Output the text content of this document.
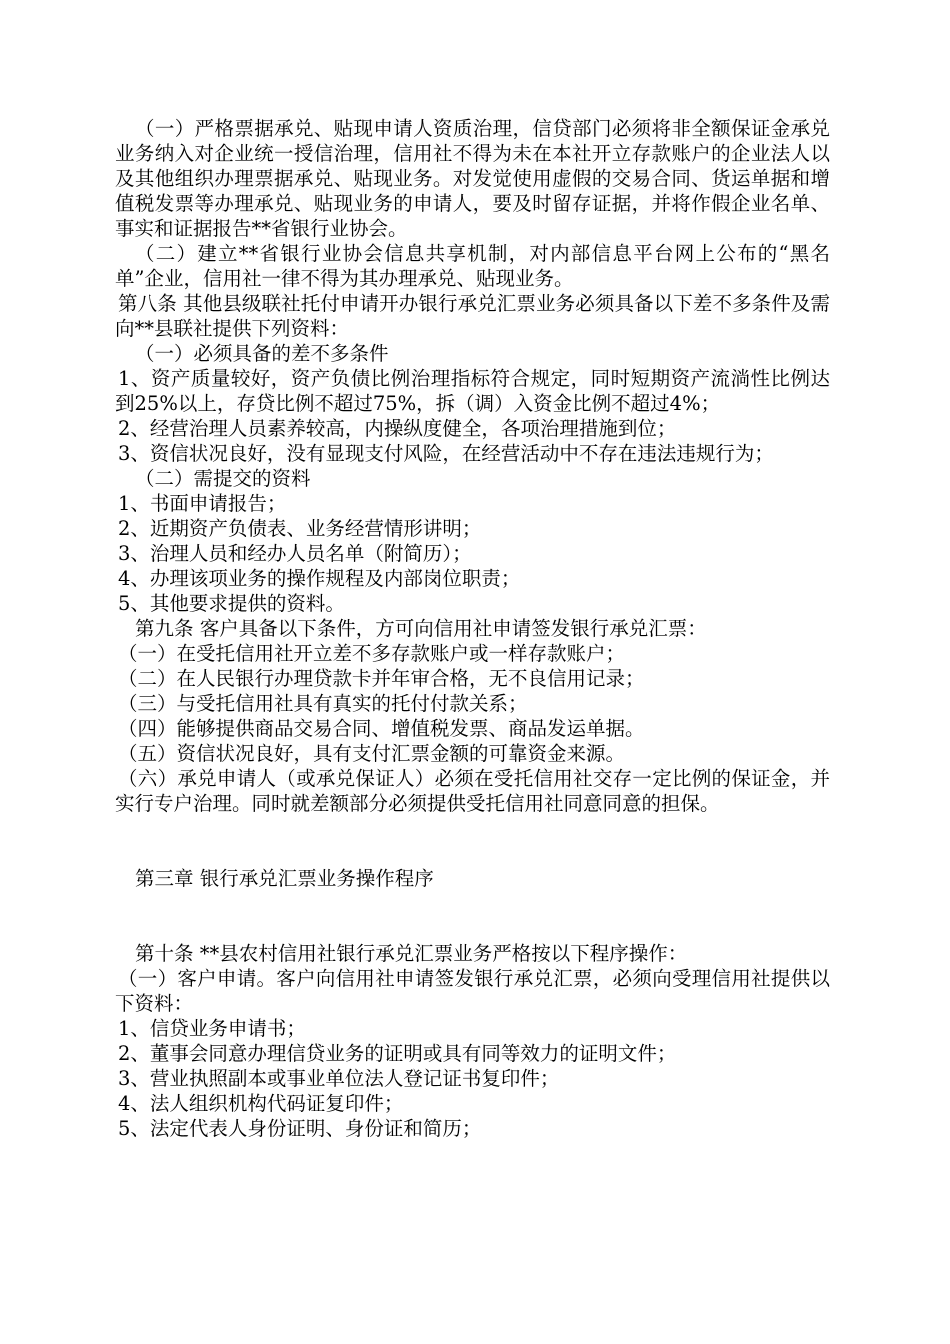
（一）严格票据承兑、贴现申请人资质治理，信贷部门必须将非全额保证金承兑业务纳入对企业统一授信治理，信用社不得为未在本社开立存款账户的企业法人以及其他组织办理票据承兑、贴现业务。对发觉使用虚假的交易合同、货运单据和增值税发票等办理承兑、贴现业务的申请人，要及时留存证据，并将作假企业名单、事实和证据报告**省银行业协会。

（二）建立**省银行业协会信息共享机制，对内部信息平台网上公布的“黑名单”企业，信用社一律不得为其办理承兑、贴现业务。

第八条 其他县级联社托付申请开办银行承兑汇票业务必须具备以下差不多条件及需向**县联社提供下列资料：

（一）必须具备的差不多条件

1、资产质量较好，资产负债比例治理指标符合规定，同时短期资产流淌性比例达到25%以上，存贷比例不超过75%，拆（调）入资金比例不超过4%；

2、经营治理人员素养较高，内操纵度健全，各项治理措施到位；

3、资信状况良好，没有显现支付风险，在经营活动中不存在违法违规行为；

（二）需提交的资料

1、书面申请报告；

2、近期资产负债表、业务经营情形讲明；

3、治理人员和经办人员名单（附简历）；

4、办理该项业务的操作规程及内部岗位职责；

5、其他要求提供的资料。

第九条 客户具备以下条件，方可向信用社申请签发银行承兑汇票：

（一）在受托信用社开立差不多存款账户或一样存款账户；

（二）在人民银行办理贷款卡并年审合格，无不良信用记录；

（三）与受托信用社具有真实的托付付款关系；

（四）能够提供商品交易合同、增值税发票、商品发运单据。

（五）资信状况良好，具有支付汇票金额的可靠资金来源。

（六）承兑申请人（或承兑保证人）必须在受托信用社交存一定比例的保证金，并实行专户治理。同时就差额部分必须提供受托信用社同意同意的担保。

第三章 银行承兑汇票业务操作程序

第十条 **县农村信用社银行承兑汇票业务严格按以下程序操作：

（一）客户申请。客户向信用社申请签发银行承兑汇票，必须向受理信用社提供以下资料：

1、信贷业务申请书；

2、董事会同意办理信贷业务的证明或具有同等效力的证明文件；

3、营业执照副本或事业单位法人登记证书复印件；

4、法人组织机构代码证复印件；

5、法定代表人身份证明、身份证和简历；
